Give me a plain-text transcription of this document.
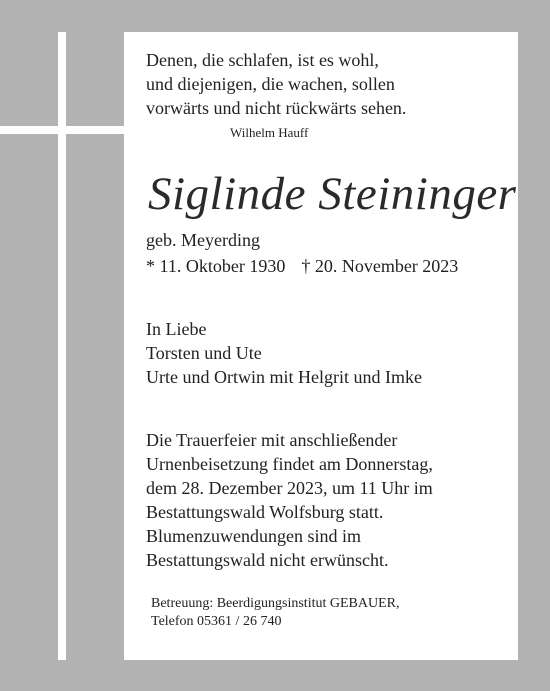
Denen, die schlafen, ist es wohl,
und diejenigen, die wachen, sollen
vorwärts und nicht rückwärts sehen.
Wilhelm Hauff
Siglinde Steininger
geb. Meyerding
* 11. Oktober 1930 † 20. November 2023
In Liebe
Torsten und Ute
Urte und Ortwin mit Helgrit und Imke
Die Trauerfeier mit anschließender
Urnenbeisetzung findet am Donnerstag,
dem 28. Dezember 2023, um 11 Uhr im
Bestattungswald Wolfsburg statt.
Blumenzuwendungen sind im
Bestattungswald nicht erwünscht.
Betreuung: Beerdigungsinstitut GEBAUER,
Telefon 05361 / 26 740
